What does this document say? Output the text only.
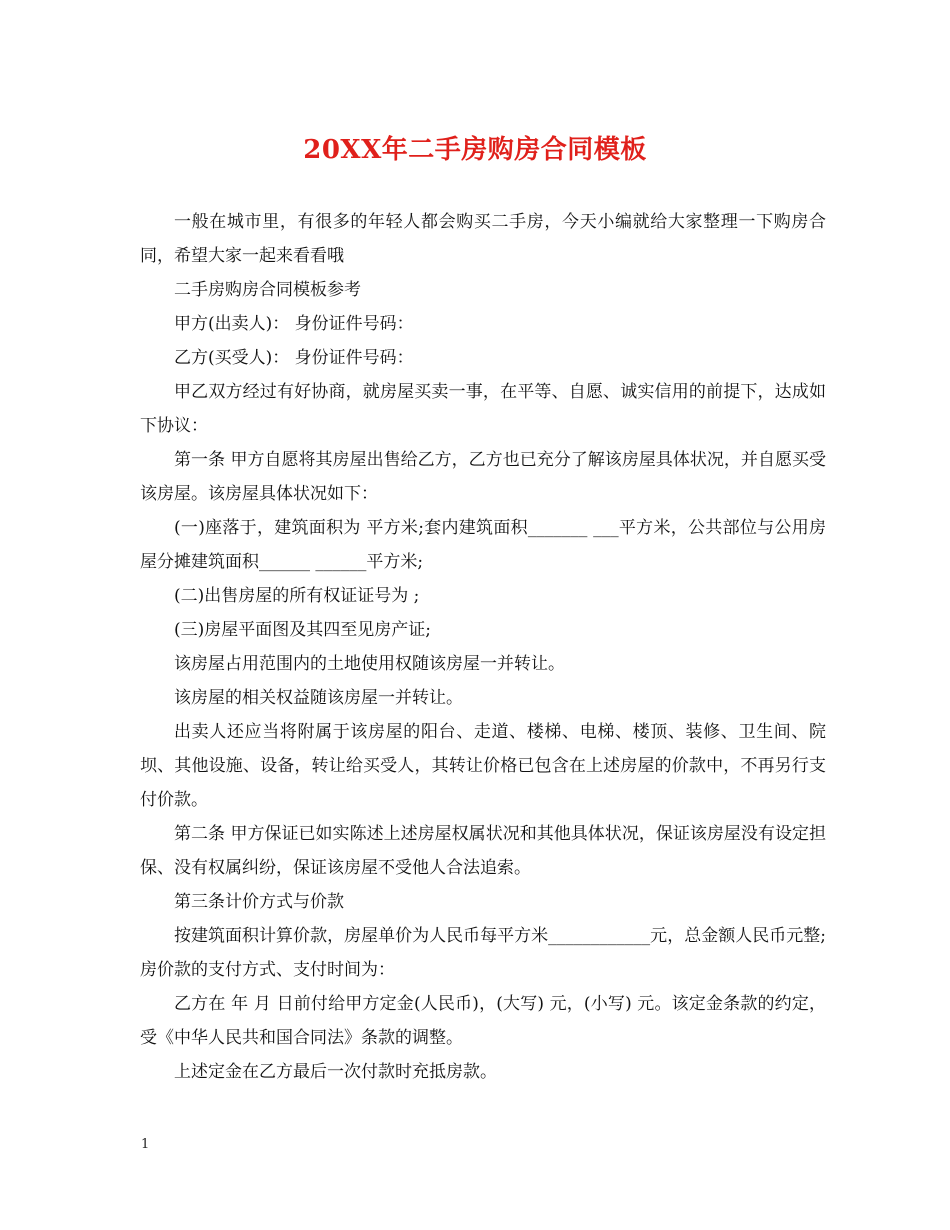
20XX年二手房购房合同模板

一般在城市里，有很多的年轻人都会购买二手房，今天小编就给大家整理一下购房合同，希望大家一起来看看哦

二手房购房合同模板参考

甲方(出卖人)： 身份证件号码：

乙方(买受人)： 身份证件号码：

甲乙双方经过有好协商，就房屋买卖一事，在平等、自愿、诚实信用的前提下，达成如下协议：

第一条 甲方自愿将其房屋出售给乙方，乙方也已充分了解该房屋具体状况，并自愿买受该房屋。该房屋具体状况如下：

(一)座落于，建筑面积为 平方米;套内建筑面积_______ ___平方米，公共部位与公用房屋分摊建筑面积______ ______平方米;

(二)出售房屋的所有权证证号为 ;

(三)房屋平面图及其四至见房产证;

该房屋占用范围内的土地使用权随该房屋一并转让。

该房屋的相关权益随该房屋一并转让。

出卖人还应当将附属于该房屋的阳台、走道、楼梯、电梯、楼顶、装修、卫生间、院坝、其他设施、设备，转让给买受人，其转让价格已包含在上述房屋的价款中，不再另行支付价款。

第二条 甲方保证已如实陈述上述房屋权属状况和其他具体状况，保证该房屋没有设定担保、没有权属纠纷，保证该房屋不受他人合法追索。

第三条计价方式与价款

按建筑面积计算价款，房屋单价为人民币每平方米____________元，总金额人民币元整;房价款的支付方式、支付时间为：

乙方在 年 月 日前付给甲方定金(人民币)，(大写) 元，(小写) 元。该定金条款的约定，受《中华人民共和国合同法》条款的调整。

上述定金在乙方最后一次付款时充抵房款。

1
